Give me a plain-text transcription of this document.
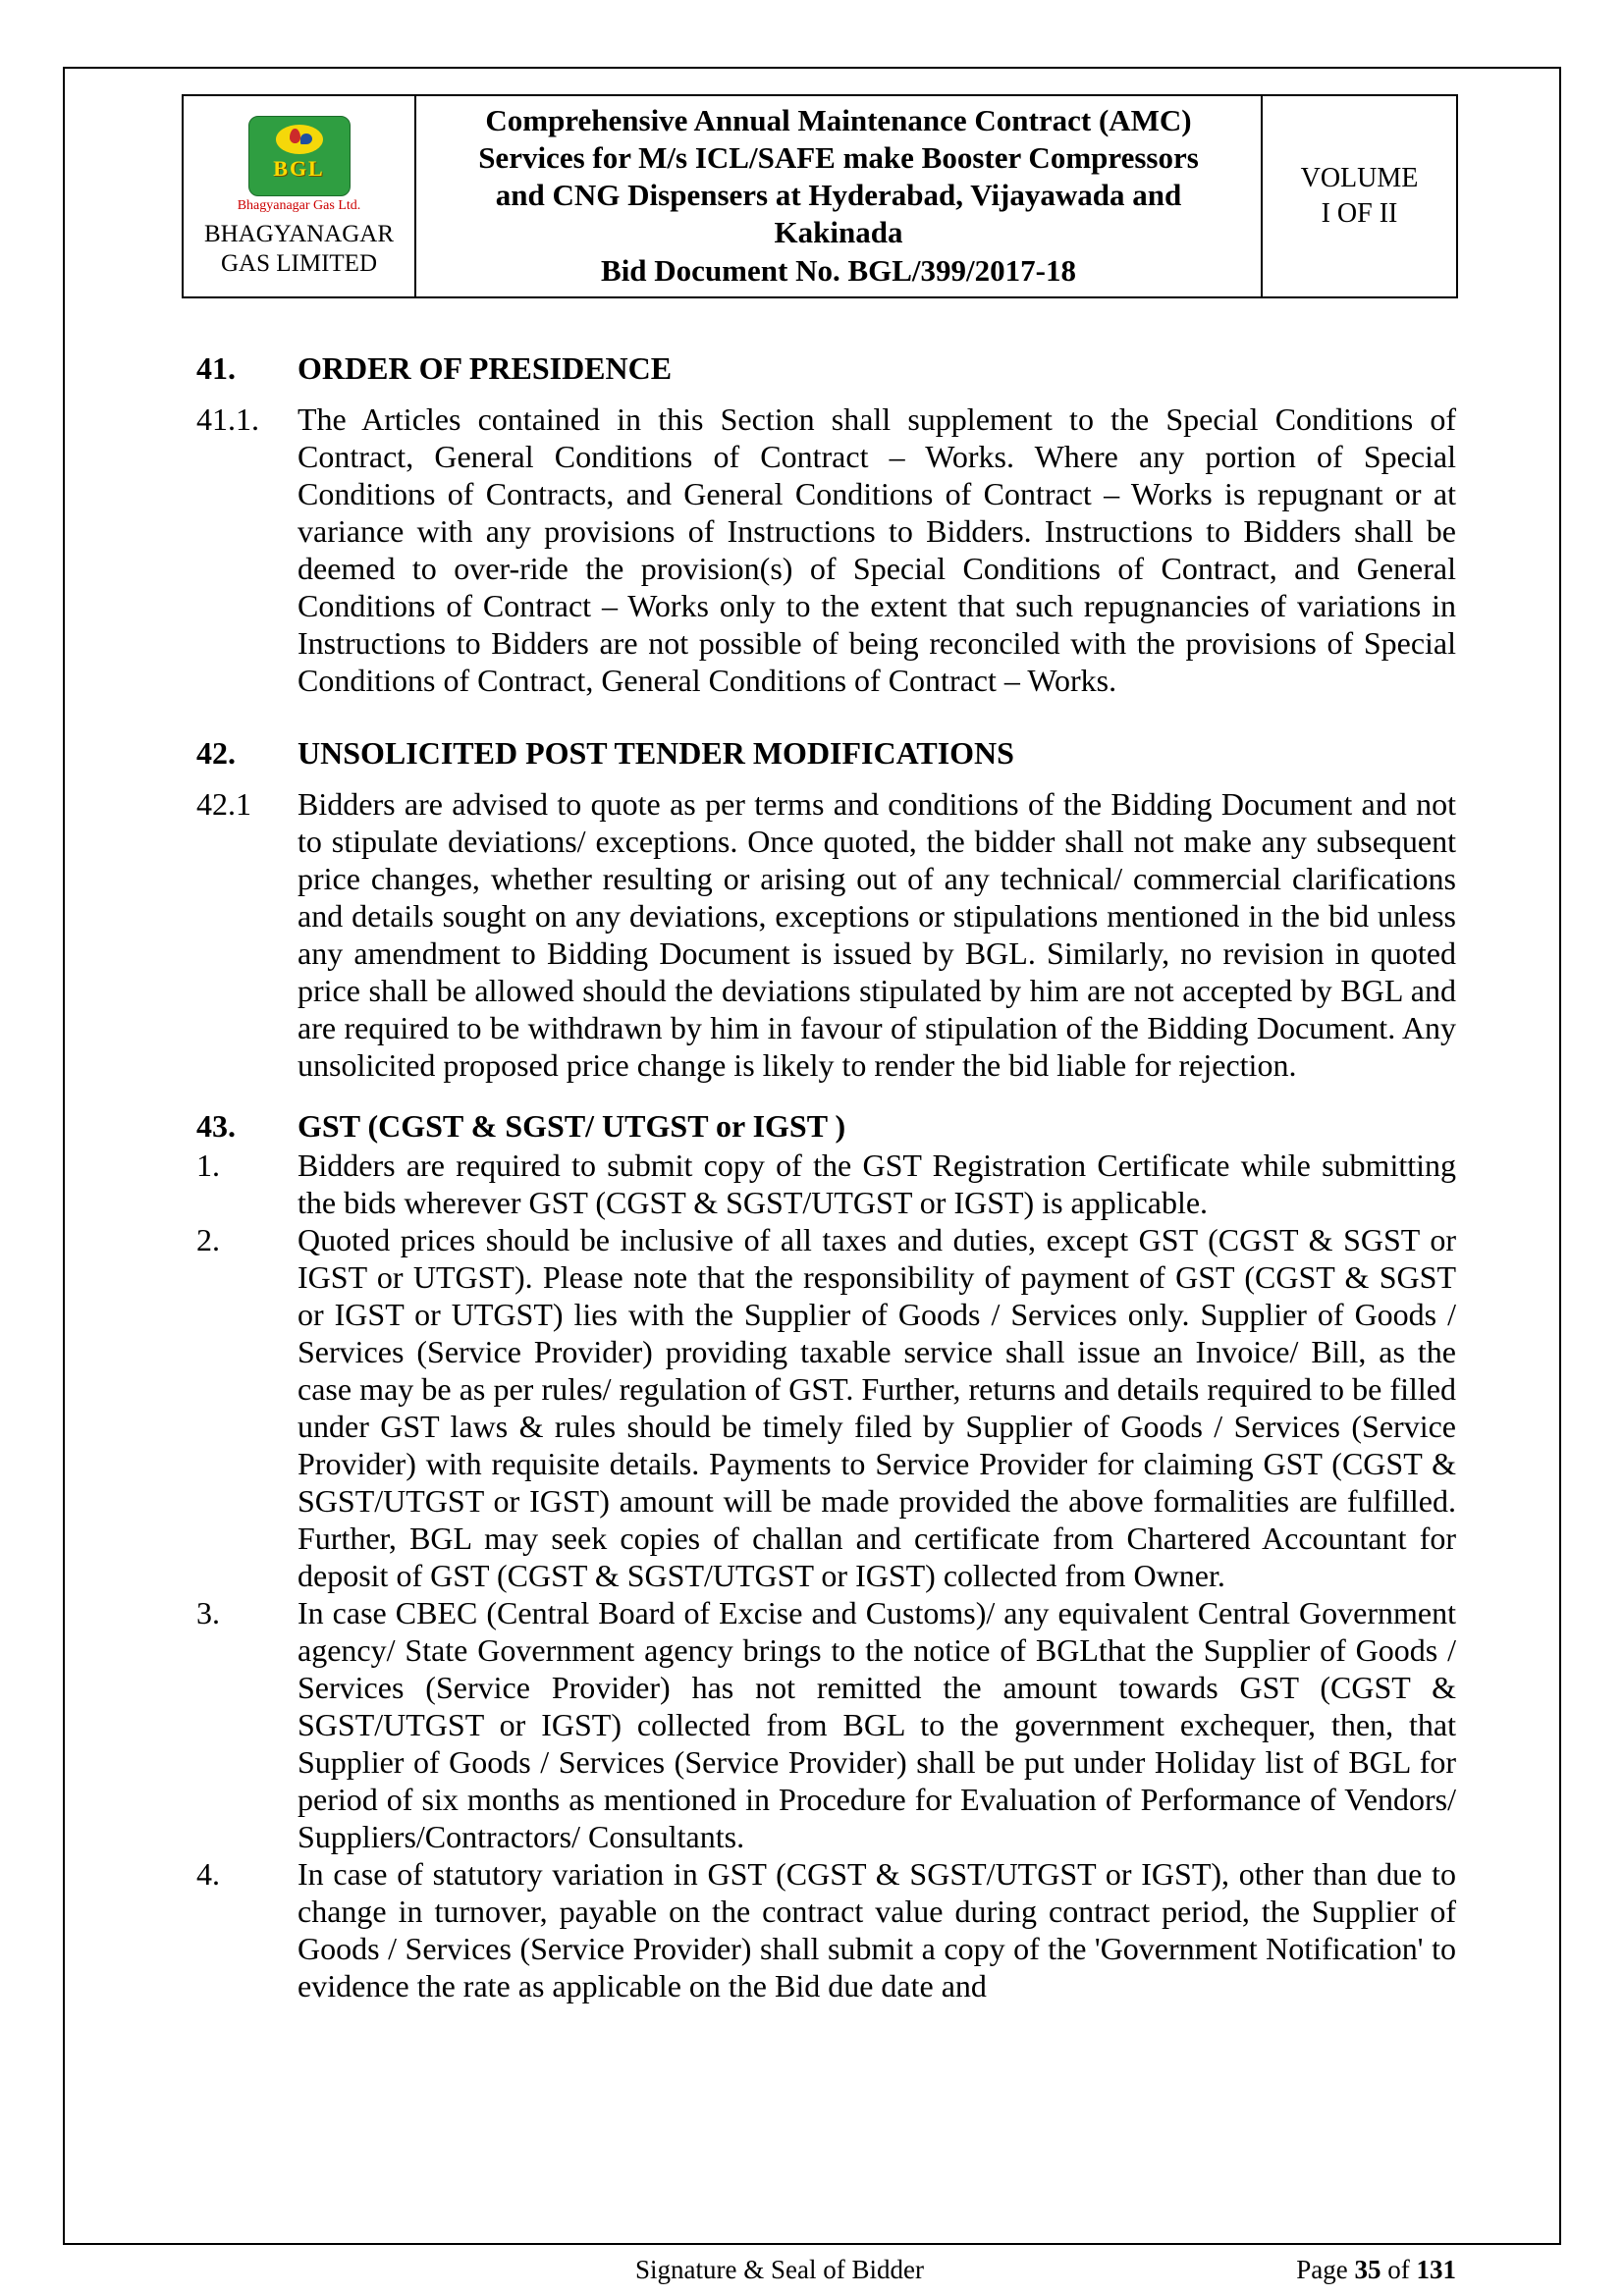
BGL
Bhagyanagar Gas Ltd.
BHAGYANAGAR
GAS LIMITED

Comprehensive Annual Maintenance Contract (AMC)
Services for M/s ICL/SAFE make Booster Compressors
and CNG Dispensers at Hyderabad, Vijayawada and
Kakinada
Bid Document No. BGL/399/2017-18

VOLUME
I OF II
41. ORDER OF PRESIDENCE
41.1. The Articles contained in this Section shall supplement to the Special Conditions of Contract, General Conditions of Contract – Works. Where any portion of Special Conditions of Contracts, and General Conditions of Contract – Works is repugnant or at variance with any provisions of Instructions to Bidders. Instructions to Bidders shall be deemed to over-ride the provision(s) of Special Conditions of Contract, and General Conditions of Contract – Works only to the extent that such repugnancies of variations in Instructions to Bidders are not possible of being reconciled with the provisions of Special Conditions of Contract, General Conditions of Contract – Works.
42. UNSOLICITED POST TENDER MODIFICATIONS
42.1 Bidders are advised to quote as per terms and conditions of the Bidding Document and not to stipulate deviations/ exceptions. Once quoted, the bidder shall not make any subsequent price changes, whether resulting or arising out of any technical/ commercial clarifications and details sought on any deviations, exceptions or stipulations mentioned in the bid unless any amendment to Bidding Document is issued by BGL. Similarly, no revision in quoted price shall be allowed should the deviations stipulated by him are not accepted by BGL and are required to be withdrawn by him in favour of stipulation of the Bidding Document. Any unsolicited proposed price change is likely to render the bid liable for rejection.
43. GST (CGST & SGST/ UTGST or IGST )
1. Bidders are required to submit copy of the GST Registration Certificate while submitting the bids wherever GST (CGST & SGST/UTGST or IGST) is applicable.
2. Quoted prices should be inclusive of all taxes and duties, except GST (CGST & SGST or IGST or UTGST). Please note that the responsibility of payment of GST (CGST & SGST or IGST or UTGST) lies with the Supplier of Goods / Services only. Supplier of Goods / Services (Service Provider) providing taxable service shall issue an Invoice/ Bill, as the case may be as per rules/ regulation of GST. Further, returns and details required to be filled under GST laws & rules should be timely filed by Supplier of Goods / Services (Service Provider) with requisite details. Payments to Service Provider for claiming GST (CGST & SGST/UTGST or IGST) amount will be made provided the above formalities are fulfilled. Further, BGL may seek copies of challan and certificate from Chartered Accountant for deposit of GST (CGST & SGST/UTGST or IGST) collected from Owner.
3. In case CBEC (Central Board of Excise and Customs)/ any equivalent Central Government agency/ State Government agency brings to the notice of BGLthat the Supplier of Goods / Services (Service Provider) has not remitted the amount towards GST (CGST & SGST/UTGST or IGST) collected from BGL to the government exchequer, then, that Supplier of Goods / Services (Service Provider) shall be put under Holiday list of BGL for period of six months as mentioned in Procedure for Evaluation of Performance of Vendors/ Suppliers/Contractors/ Consultants.
4. In case of statutory variation in GST (CGST & SGST/UTGST or IGST), other than due to change in turnover, payable on the contract value during contract period, the Supplier of Goods / Services (Service Provider) shall submit a copy of the 'Government Notification' to evidence the rate as applicable on the Bid due date and
Signature & Seal of Bidder	Page 35 of 131
